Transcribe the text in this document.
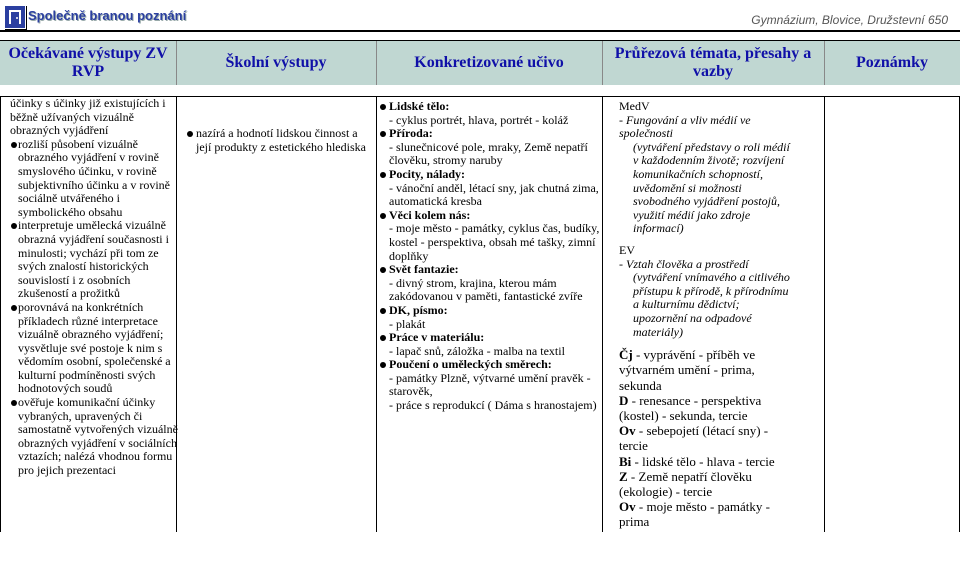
Společně branou poznání	Gymnázium, Blovice, Družstevní 650
Očekávané výstupy ZV RVP
Školní výstupy	Konkretizované učivo
Průřezová témata, přesahy a vazby
Poznámky

účinky s účinky již existujících i běžně užívaných vizuálně obrazných vyjádření

rozliší působení vizuálně obrazného vyjádření v rovině smyslového účinku, v rovině subjektivního účinku a v rovině sociálně utvářeného i symbolického obsahu

interpretuje umělecká vizuálně obrazná vyjádření současnosti i minulosti; vychází při tom ze svých znalostí historických souvislostí i z osobních zkušeností a prožitků

porovnává na konkrétních příkladech různé interpretace vizuálně obrazného vyjádření; vysvětluje své postoje k nim s vědomím osobní, společenské a kulturní podmíněnosti svých hodnotových soudů

ověřuje komunikační účinky vybraných, upravených či samostatně vytvořených vizuálně obrazných vyjádření v sociálních vztazích; nalézá vhodnou formu pro jejich prezentaci

nazírá a hodnotí lidskou činnost a její produkty z estetického hlediska

Lidské tělo:

- cyklus portrét, hlava, portrét - koláž

Příroda:

- slunečnicové pole, mraky, Země nepatří člověku, stromy naruby

Pocity, nálady:

- vánoční anděl, létací sny, jak chutná zima, automatická kresba

Věci kolem nás:

- moje město - památky, cyklus čas, budíky, kostel - perspektiva, obsah mé tašky, zimní doplňky

Svět fantazie:

- divný strom, krajina, kterou mám zakódovanou v paměti, fantastické zvíře

DK, písmo:

- plakát

Práce v materiálu:

- lapač snů, záložka - malba na textil

Poučení o uměleckých směrech:

- památky Plzně, výtvarné umění pravěk - starověk,

- práce s reprodukcí ( Dáma s hranostajem)

MedV

- Fungování a vliv médií ve společnosti

(vytváření představy o roli médií v každodenním životě; rozvíjení komunikačních schopností, uvědomění si možnosti svobodného vyjádření postojů, využití médií jako zdroje informací)

EV

- Vztah člověka a prostředí

(vytváření vnímavého a citlivého přístupu k přírodě, k přírodnímu a kulturnímu dědictví; upozornění na odpadové materiály)

Čj - vyprávění - příběh ve výtvarném umění - prima, sekunda

D - renesance - perspektiva (kostel) - sekunda, tercie

Ov - sebepojetí (létací sny) - tercie

Bi - lidské tělo - hlava - tercie

Z - Země nepatří člověku (ekologie) - tercie

Ov - moje město - památky - prima
